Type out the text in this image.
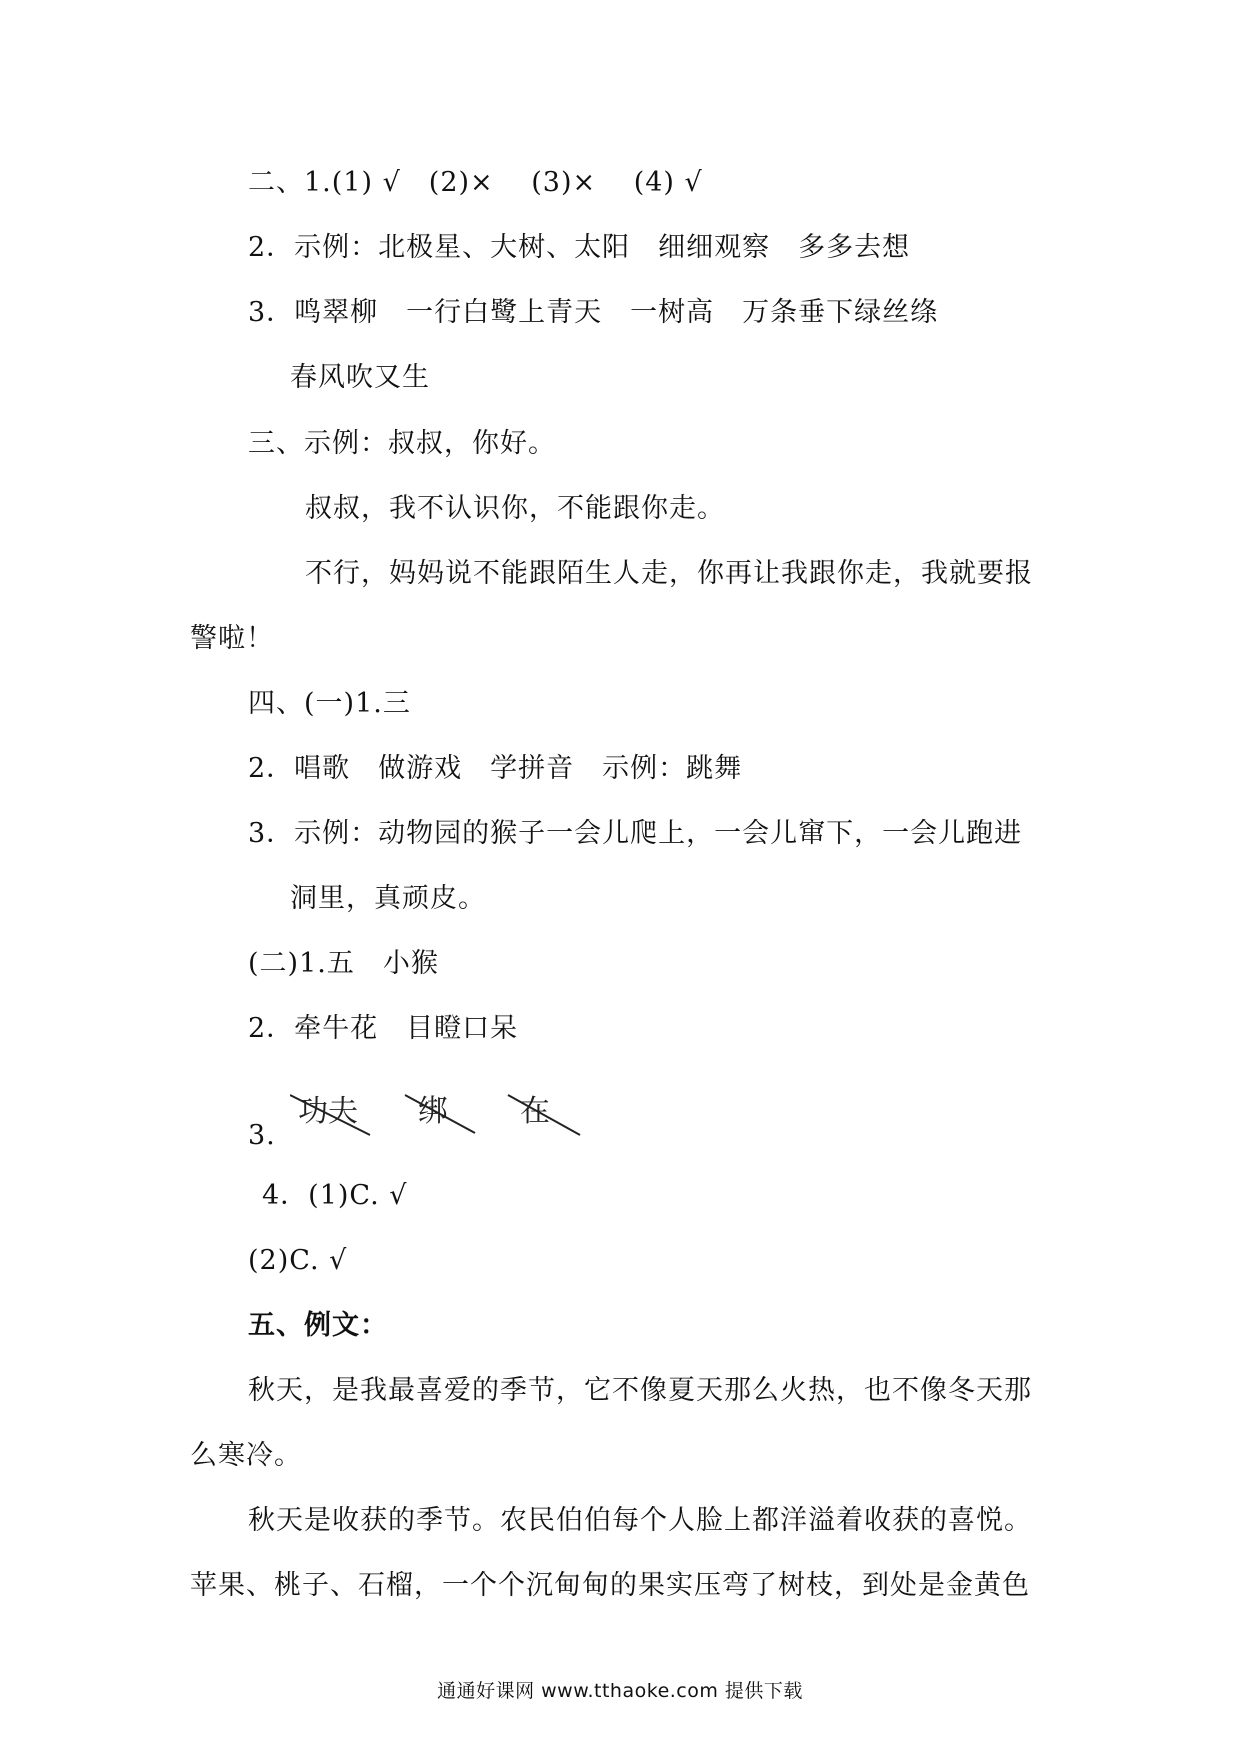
二、1.(1) √　(2)×　 (3)×　 (4) √
2．示例：北极星、大树、太阳　细细观察　多多去想
3．鸣翠柳　一行白鹭上青天　一树高　万条垂下绿丝绦
春风吹又生
三、示例：叔叔，你好。
叔叔，我不认识你，不能跟你走。
不行，妈妈说不能跟陌生人走，你再让我跟你走，我就要报
警啦！
四、(一)1.三
2．唱歌　做游戏　学拼音　示例：跳舞
3．示例：动物园的猴子一会儿爬上，一会儿窜下，一会儿跑进
洞里，真顽皮。
(二)1.五　小猴
2．牵牛花　目瞪口呆
3.
功夫 绑 在
4．(1)C. √
(2)C. √
五、例文：
秋天，是我最喜爱的季节，它不像夏天那么火热，也不像冬天那
么寒冷。
秋天是收获的季节。农民伯伯每个人脸上都洋溢着收获的喜悦。
苹果、桃子、石榴，一个个沉甸甸的果实压弯了树枝，到处是金黄色
通通好课网 www.tthaoke.com 提供下载
